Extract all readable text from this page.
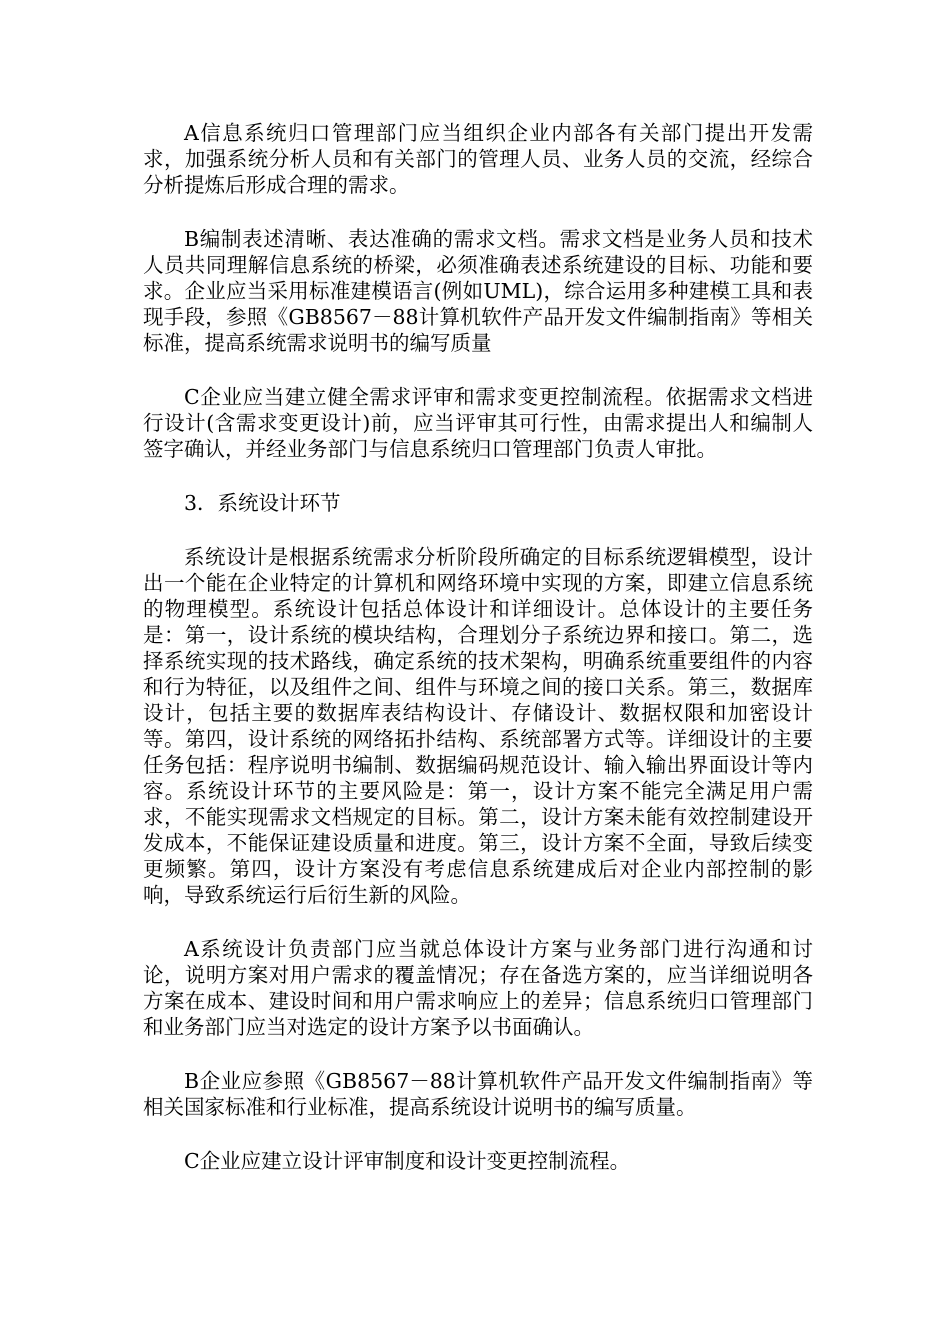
A信息系统归口管理部门应当组织企业内部各有关部门提出开发需求，加强系统分析人员和有关部门的管理人员、业务人员的交流，经综合分析提炼后形成合理的需求。

B编制表述清晰、表达准确的需求文档。需求文档是业务人员和技术人员共同理解信息系统的桥梁，必须准确表述系统建设的目标、功能和要求。企业应当采用标准建模语言(例如UML)，综合运用多种建模工具和表现手段，参照《GB8567－88计算机软件产品开发文件编制指南》等相关标准，提高系统需求说明书的编写质量

C企业应当建立健全需求评审和需求变更控制流程。依据需求文档进行设计(含需求变更设计)前，应当评审其可行性，由需求提出人和编制人签字确认，并经业务部门与信息系统归口管理部门负责人审批。

3．系统设计环节

系统设计是根据系统需求分析阶段所确定的目标系统逻辑模型，设计出一个能在企业特定的计算机和网络环境中实现的方案，即建立信息系统的物理模型。系统设计包括总体设计和详细设计。总体设计的主要任务是：第一，设计系统的模块结构，合理划分子系统边界和接口。第二，选择系统实现的技术路线，确定系统的技术架构，明确系统重要组件的内容和行为特征，以及组件之间、组件与环境之间的接口关系。第三，数据库设计，包括主要的数据库表结构设计、存储设计、数据权限和加密设计等。第四，设计系统的网络拓扑结构、系统部署方式等。详细设计的主要任务包括：程序说明书编制、数据编码规范设计、输入输出界面设计等内容。系统设计环节的主要风险是：第一，设计方案不能完全满足用户需求，不能实现需求文档规定的目标。第二，设计方案未能有效控制建设开发成本，不能保证建设质量和进度。第三，设计方案不全面，导致后续变更频繁。第四，设计方案没有考虑信息系统建成后对企业内部控制的影响，导致系统运行后衍生新的风险。

A系统设计负责部门应当就总体设计方案与业务部门进行沟通和讨论，说明方案对用户需求的覆盖情况；存在备选方案的，应当详细说明各方案在成本、建设时间和用户需求响应上的差异；信息系统归口管理部门和业务部门应当对选定的设计方案予以书面确认。

B企业应参照《GB8567－88计算机软件产品开发文件编制指南》等相关国家标准和行业标准，提高系统设计说明书的编写质量。

C企业应建立设计评审制度和设计变更控制流程。
